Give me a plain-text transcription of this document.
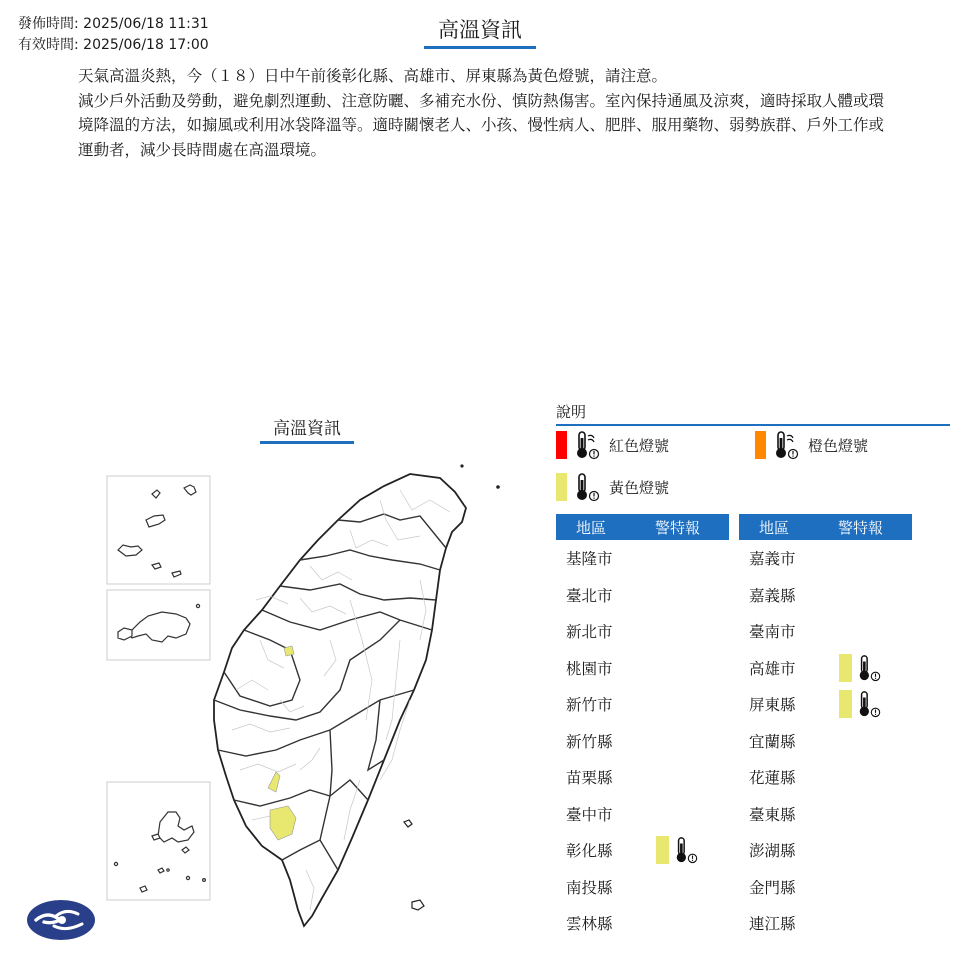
發佈時間: 2025/06/18 11:31
有效時間: 2025/06/18 17:00
高溫資訊

天氣高溫炎熱，今（１８）日中午前後彰化縣、高雄市、屏東縣為黃色燈號，請注意。

減少戶外活動及勞動，避免劇烈運動、注意防曬、多補充水份、慎防熱傷害。室內保持通風及涼爽，適時採取人體或環境降溫的方法，如搧風或利用冰袋降溫等。適時關懷老人、小孩、慢性病人、肥胖、服用藥物、弱勢族群、戶外工作或運動者，減少長時間處在高溫環境。

高溫資訊
說明
紅色燈號	橙色燈號
黃色燈號
地區	警特報
基隆市
臺北市
新北市
桃園市
新竹市
新竹縣
苗栗縣
臺中市
彰化縣
南投縣
雲林縣
地區	警特報
嘉義市
嘉義縣
臺南市
高雄市
屏東縣
宜蘭縣
花蓮縣
臺東縣
澎湖縣
金門縣
連江縣
